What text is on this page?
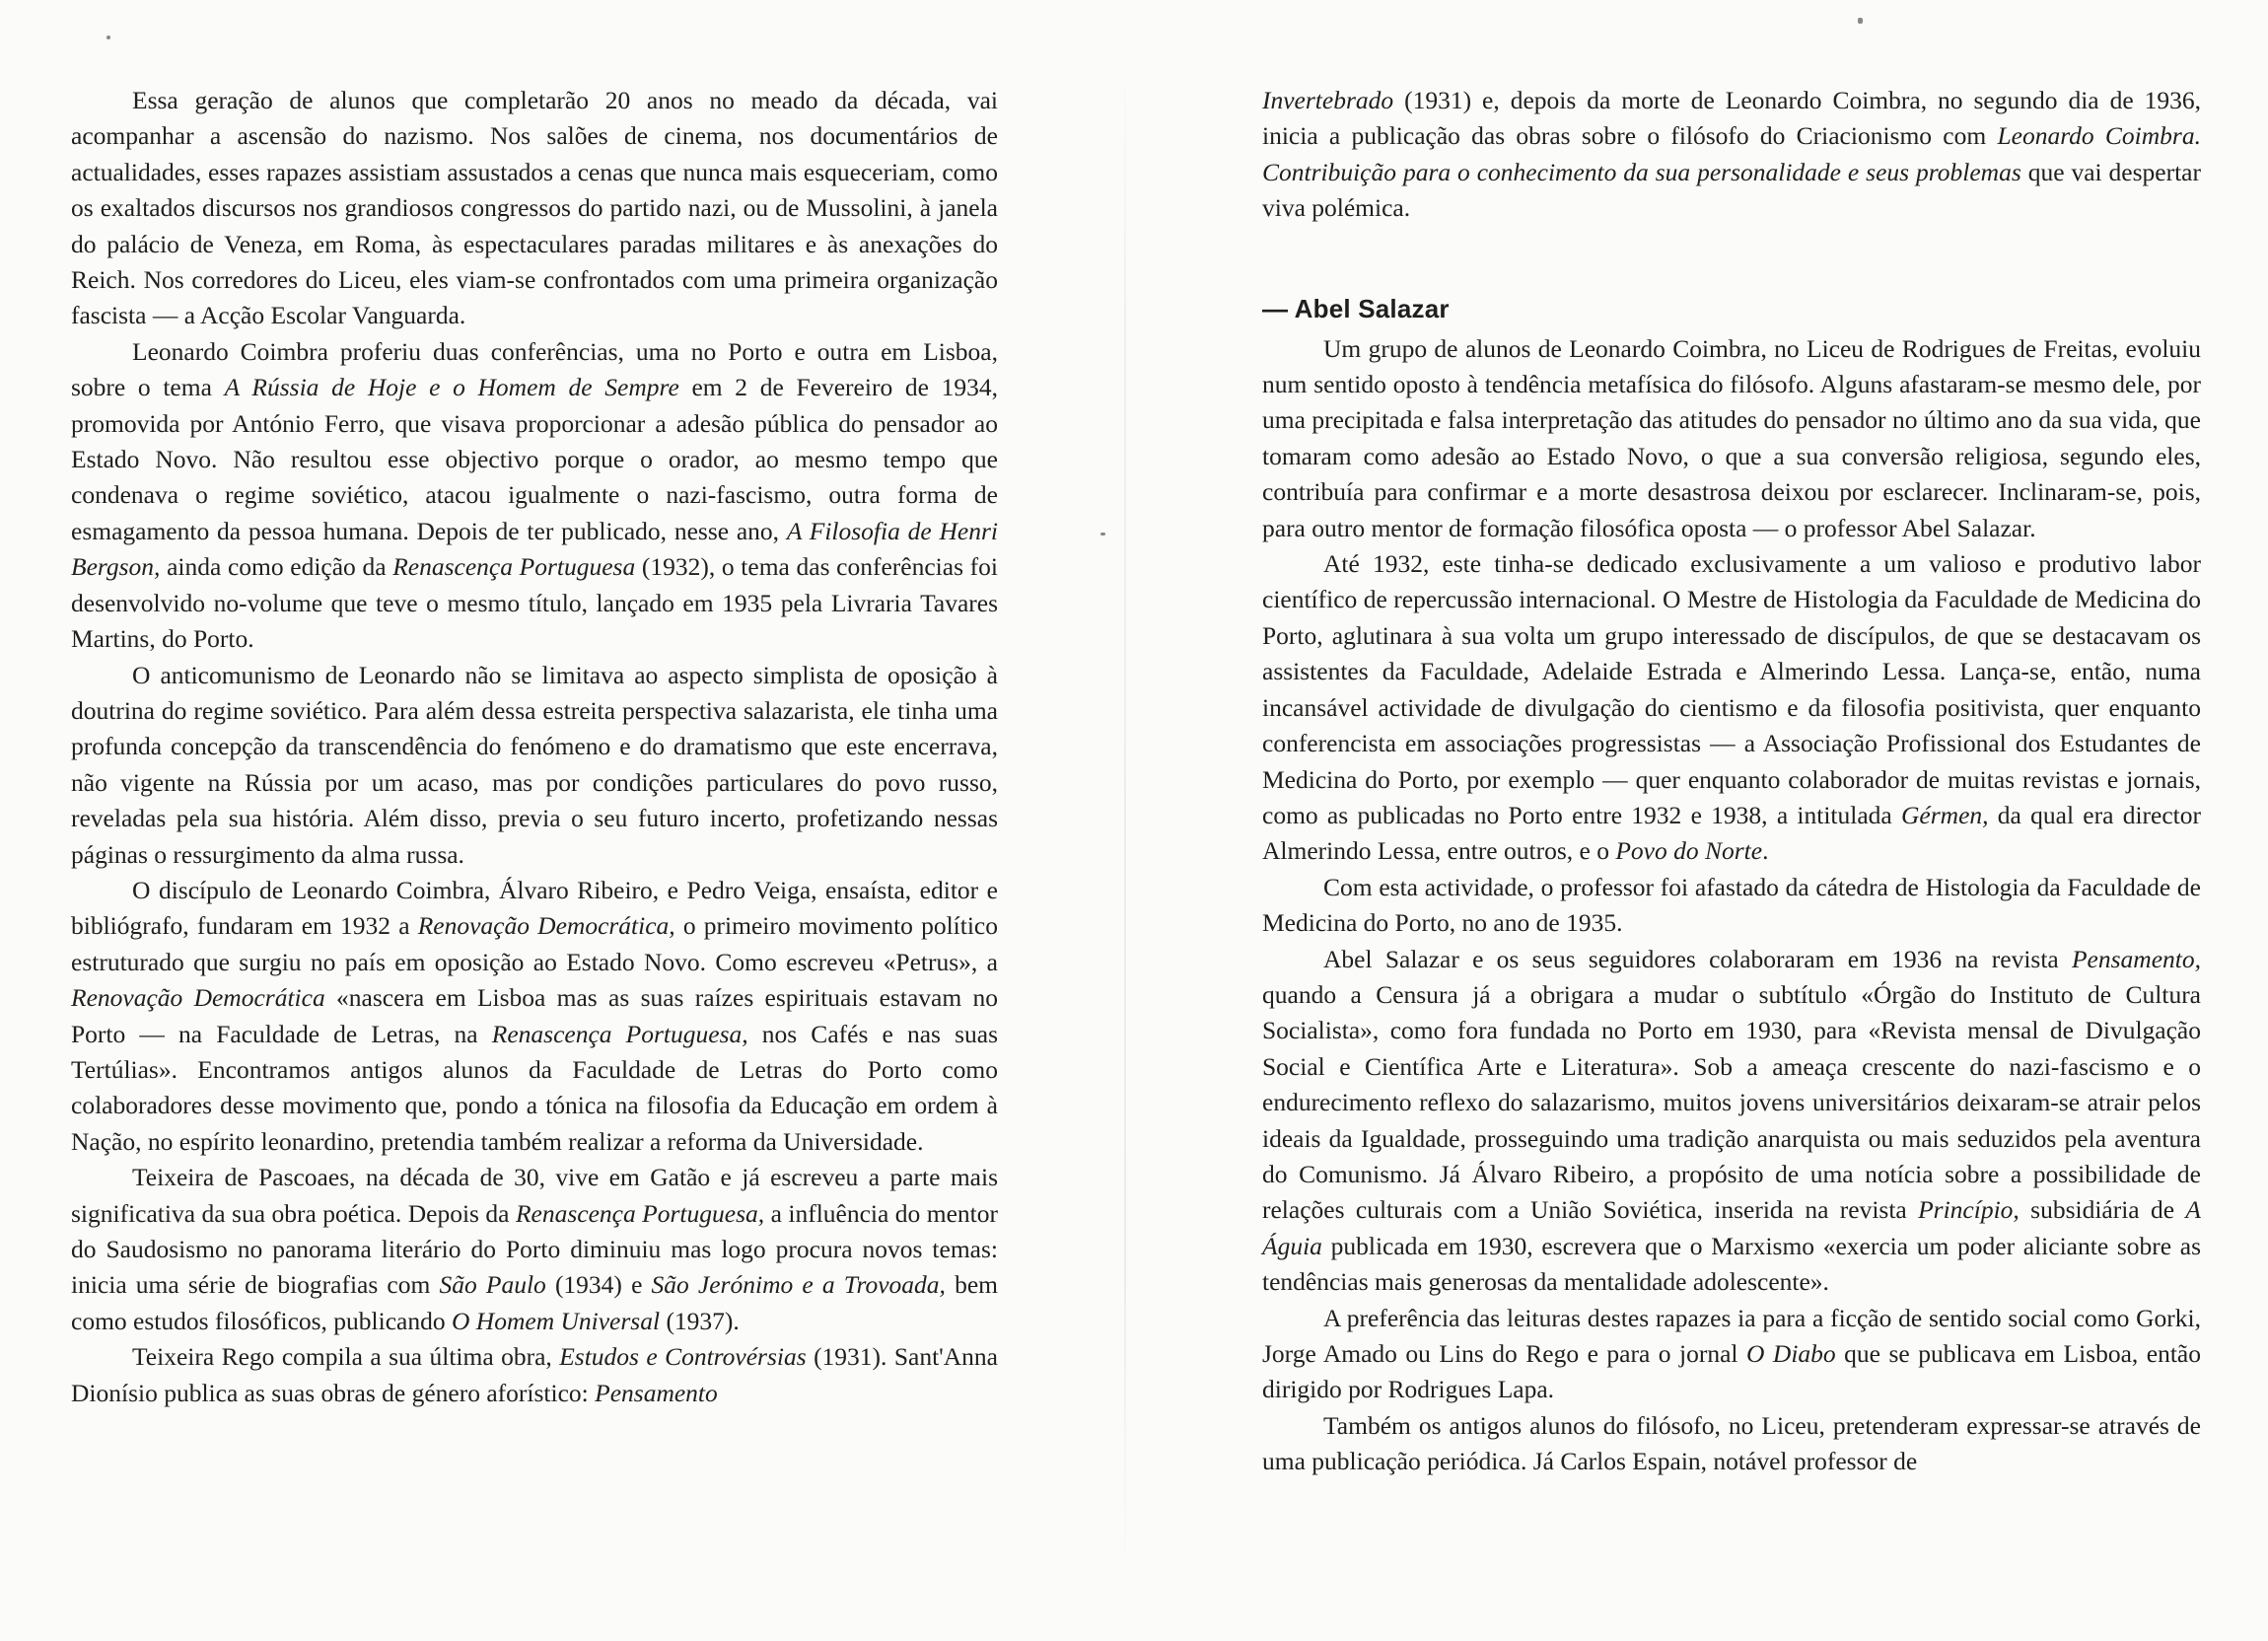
Essa geração de alunos que completarão 20 anos no meado da década, vai acompanhar a ascensão do nazismo. Nos salões de cinema, nos documentários de actualidades, esses rapazes assistiam assustados a cenas que nunca mais esqueceriam, como os exaltados discursos nos grandiosos congressos do partido nazi, ou de Mussolini, à janela do palácio de Veneza, em Roma, às espectaculares paradas militares e às anexações do Reich. Nos corredores do Liceu, eles viam-se confrontados com uma primeira organização fascista — a Acção Escolar Vanguarda.

Leonardo Coimbra proferiu duas conferências, uma no Porto e outra em Lisboa, sobre o tema A Rússia de Hoje e o Homem de Sempre em 2 de Fevereiro de 1934, promovida por António Ferro, que visava proporcionar a adesão pública do pensador ao Estado Novo. Não resultou esse objectivo porque o orador, ao mesmo tempo que condenava o regime soviético, atacou igualmente o nazi-fascismo, outra forma de esmagamento da pessoa humana. Depois de ter publicado, nesse ano, A Filosofia de Henri Bergson, ainda como edição da Renascença Portuguesa (1932), o tema das conferências foi desenvolvido no-volume que teve o mesmo título, lançado em 1935 pela Livraria Tavares Martins, do Porto.

O anticomunismo de Leonardo não se limitava ao aspecto simplista de oposição à doutrina do regime soviético. Para além dessa estreita perspectiva salazarista, ele tinha uma profunda concepção da transcendência do fenómeno e do dramatismo que este encerrava, não vigente na Rússia por um acaso, mas por condições particulares do povo russo, reveladas pela sua história. Além disso, previa o seu futuro incerto, profetizando nessas páginas o ressurgimento da alma russa.

O discípulo de Leonardo Coimbra, Álvaro Ribeiro, e Pedro Veiga, ensaísta, editor e bibliógrafo, fundaram em 1932 a Renovação Democrática, o primeiro movimento político estruturado que surgiu no país em oposição ao Estado Novo. Como escreveu «Petrus», a Renovação Democrática «nascera em Lisboa mas as suas raízes espirituais estavam no Porto — na Faculdade de Letras, na Renascença Portuguesa, nos Cafés e nas suas Tertúlias». Encontramos antigos alunos da Faculdade de Letras do Porto como colaboradores desse movimento que, pondo a tónica na filosofia da Educação em ordem à Nação, no espírito leonardino, pretendia também realizar a reforma da Universidade.

Teixeira de Pascoaes, na década de 30, vive em Gatão e já escreveu a parte mais significativa da sua obra poética. Depois da Renascença Portuguesa, a influência do mentor do Saudosismo no panorama literário do Porto diminuiu mas logo procura novos temas: inicia uma série de biografias com São Paulo (1934) e São Jerónimo e a Trovoada, bem como estudos filosóficos, publicando O Homem Universal (1937).

Teixeira Rego compila a sua última obra, Estudos e Controvérsias (1931). Sant'Anna Dionísio publica as suas obras de género aforístico: Pensamento

Invertebrado (1931) e, depois da morte de Leonardo Coimbra, no segundo dia de 1936, inicia a publicação das obras sobre o filósofo do Criacionismo com Leonardo Coimbra. Contribuição para o conhecimento da sua personalidade e seus problemas que vai despertar viva polémica.

— Abel Salazar

Um grupo de alunos de Leonardo Coimbra, no Liceu de Rodrigues de Freitas, evoluiu num sentido oposto à tendência metafísica do filósofo. Alguns afastaram-se mesmo dele, por uma precipitada e falsa interpretação das atitudes do pensador no último ano da sua vida, que tomaram como adesão ao Estado Novo, o que a sua conversão religiosa, segundo eles, contribuía para confirmar e a morte desastrosa deixou por esclarecer. Inclinaram-se, pois, para outro mentor de formação filosófica oposta — o professor Abel Salazar.

Até 1932, este tinha-se dedicado exclusivamente a um valioso e produtivo labor científico de repercussão internacional. O Mestre de Histologia da Faculdade de Medicina do Porto, aglutinara à sua volta um grupo interessado de discípulos, de que se destacavam os assistentes da Faculdade, Adelaide Estrada e Almerindo Lessa. Lança-se, então, numa incansável actividade de divulgação do cientismo e da filosofia positivista, quer enquanto conferencista em associações progressistas — a Associação Profissional dos Estudantes de Medicina do Porto, por exemplo — quer enquanto colaborador de muitas revistas e jornais, como as publicadas no Porto entre 1932 e 1938, a intitulada Gérmen, da qual era director Almerindo Lessa, entre outros, e o Povo do Norte.

Com esta actividade, o professor foi afastado da cátedra de Histologia da Faculdade de Medicina do Porto, no ano de 1935.

Abel Salazar e os seus seguidores colaboraram em 1936 na revista Pensamento, quando a Censura já a obrigara a mudar o subtítulo «Órgão do Instituto de Cultura Socialista», como fora fundada no Porto em 1930, para «Revista mensal de Divulgação Social e Científica Arte e Literatura». Sob a ameaça crescente do nazi-fascismo e o endurecimento reflexo do salazarismo, muitos jovens universitários deixaram-se atrair pelos ideais da Igualdade, prosseguindo uma tradição anarquista ou mais seduzidos pela aventura do Comunismo. Já Álvaro Ribeiro, a propósito de uma notícia sobre a possibilidade de relações culturais com a União Soviética, inserida na revista Princípio, subsidiária de A Águia publicada em 1930, escrevera que o Marxismo «exercia um poder aliciante sobre as tendências mais generosas da mentalidade adolescente».

A preferência das leituras destes rapazes ia para a ficção de sentido social como Gorki, Jorge Amado ou Lins do Rego e para o jornal O Diabo que se publicava em Lisboa, então dirigido por Rodrigues Lapa.

Também os antigos alunos do filósofo, no Liceu, pretenderam expressar-se através de uma publicação periódica. Já Carlos Espain, notável professor de
